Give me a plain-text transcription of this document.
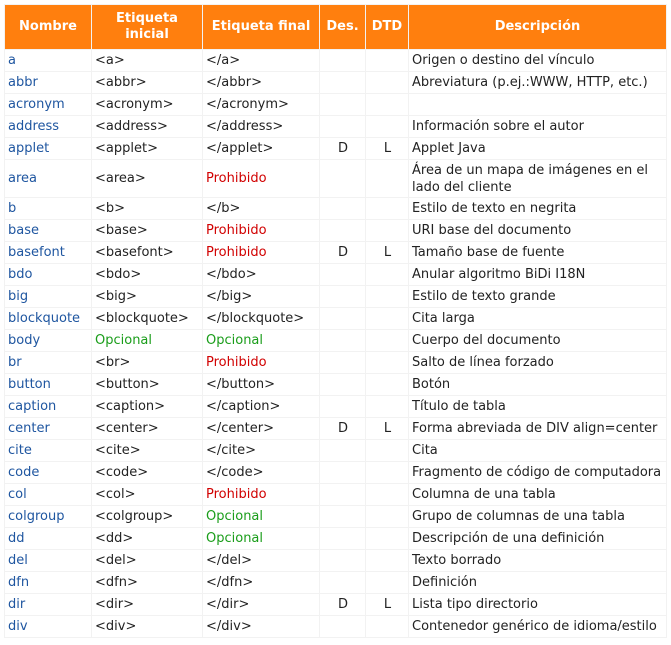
Nombre	Etiqueta inicial	Etiqueta final	Des.	DTD	Descripción
a	<a>	</a>			Origen o destino del vínculo
abbr	<abbr>	</abbr>			Abreviatura (p.ej.:WWW, HTTP, etc.)
acronym	<acronym>	</acronym>			
address	<address>	</address>			Información sobre el autor
applet	<applet>	</applet>	D	L	Applet Java
area	<area>	Prohibido			Área de un mapa de imágenes en el lado del cliente
b	<b>	</b>			Estilo de texto en negrita
base	<base>	Prohibido			URI base del documento
basefont	<basefont>	Prohibido	D	L	Tamaño base de fuente
bdo	<bdo>	</bdo>			Anular algoritmo BiDi I18N
big	<big>	</big>			Estilo de texto grande
blockquote	<blockquote>	</blockquote>			Cita larga
body	Opcional	Opcional			Cuerpo del documento
br	<br>	Prohibido			Salto de línea forzado
button	<button>	</button>			Botón
caption	<caption>	</caption>			Título de tabla
center	<center>	</center>	D	L	Forma abreviada de DIV align=center
cite	<cite>	</cite>			Cita
code	<code>	</code>			Fragmento de código de computadora
col	<col>	Prohibido			Columna de una tabla
colgroup	<colgroup>	Opcional			Grupo de columnas de una tabla
dd	<dd>	Opcional			Descripción de una definición
del	<del>	</del>			Texto borrado
dfn	<dfn>	</dfn>			Definición
dir	<dir>	</dir>	D	L	Lista tipo directorio
div	<div>	</div>			Contenedor genérico de idioma/estilo
